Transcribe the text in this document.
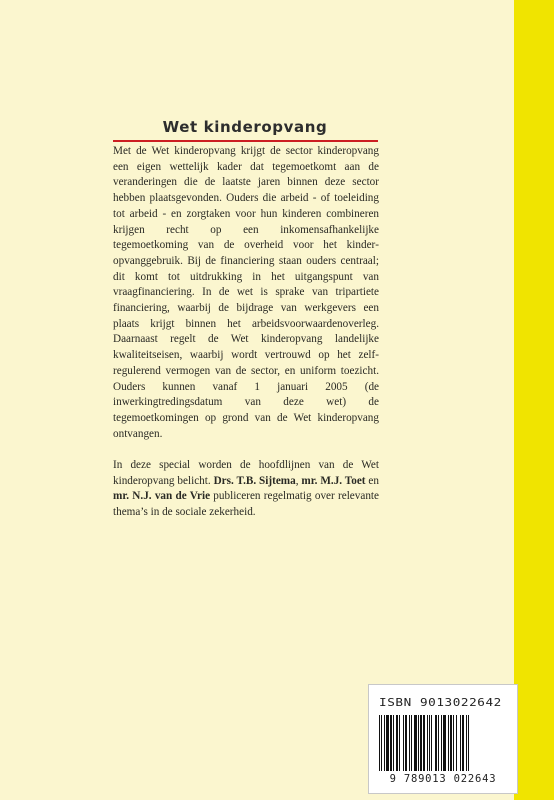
Wet kinderopvang

Met de Wet kinderopvang krijgt de sector kinderopvang een eigen wettelijk kader dat tegemoetkomt aan de veranderingen die de laatste jaren binnen deze sector hebben plaatsgevonden. Ouders die arbeid - of toeleiding tot arbeid - en zorgtaken voor hun kinderen combineren krijgen recht op een inkomensafhankelijke tegemoetkoming van de overheid voor het kinderopvanggebruik. Bij de financiering staan ouders centraal; dit komt tot uitdrukking in het uitgangspunt van vraagfinanciering. In de wet is sprake van tripartiete financiering, waarbij de bijdrage van werkgevers een plaats krijgt binnen het arbeidsvoorwaardenoverleg. Daarnaast regelt de Wet kinderopvang landelijke kwaliteitseisen, waarbij wordt vertrouwd op het zelfregulerend vermogen van de sector, en uniform toezicht. Ouders kunnen vanaf 1 januari 2005 (de inwerkingtredingsdatum van deze wet) de tegemoetkomingen op grond van de Wet kinderopvang ontvangen.

In deze special worden de hoofdlijnen van de Wet kinderopvang belicht. Drs. T.B. Sijtema, mr. M.J. Toet en mr. N.J. van de Vrie publiceren regelmatig over relevante thema’s in de sociale zekerheid.

ISBN 9013022642
9 789013 022643
